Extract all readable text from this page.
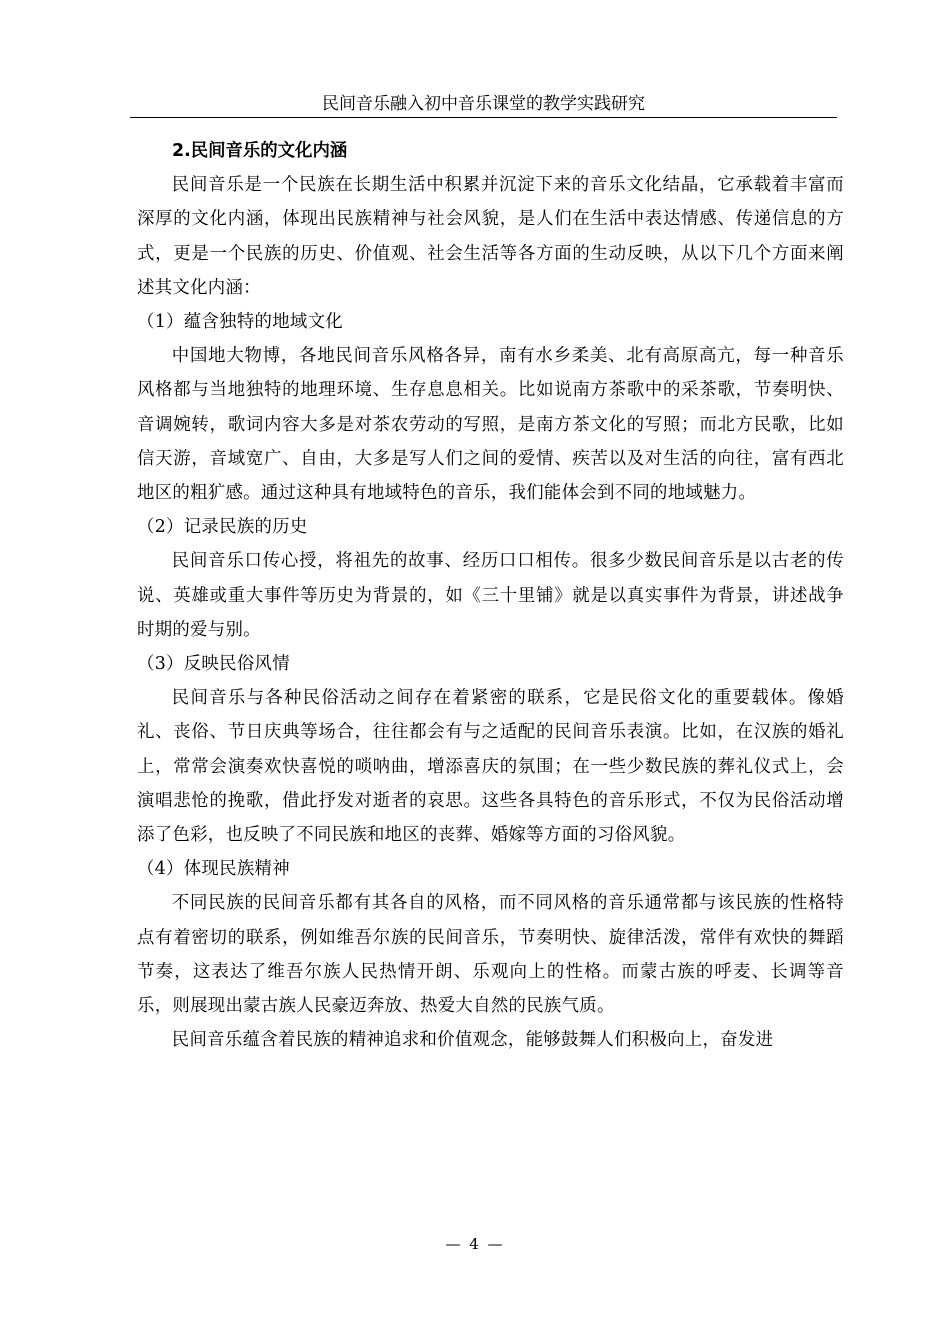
民间音乐融入初中音乐课堂的教学实践研究
2.民间音乐的文化内涵

民间音乐是一个民族在长期生活中积累并沉淀下来的音乐文化结晶，它承载着丰富而深厚的文化内涵，体现出民族精神与社会风貌，是人们在生活中表达情感、传递信息的方式，更是一个民族的历史、价值观、社会生活等各方面的生动反映，从以下几个方面来阐述其文化内涵：

（1）蕴含独特的地域文化

中国地大物博，各地民间音乐风格各异，南有水乡柔美、北有高原高亢，每一种音乐风格都与当地独特的地理环境、生存息息相关。比如说南方茶歌中的采茶歌，节奏明快、音调婉转，歌词内容大多是对茶农劳动的写照，是南方茶文化的写照；而北方民歌，比如信天游，音域宽广、自由，大多是写人们之间的爱情、疾苦以及对生活的向往，富有西北地区的粗犷感。通过这种具有地域特色的音乐，我们能体会到不同的地域魅力。

（2）记录民族的历史

民间音乐口传心授，将祖先的故事、经历口口相传。很多少数民间音乐是以古老的传说、英雄或重大事件等历史为背景的，如《三十里铺》就是以真实事件为背景，讲述战争时期的爱与别。

（3）反映民俗风情

民间音乐与各种民俗活动之间存在着紧密的联系，它是民俗文化的重要载体。像婚礼、丧俗、节日庆典等场合，往往都会有与之适配的民间音乐表演。比如，在汉族的婚礼上，常常会演奏欢快喜悦的唢呐曲，增添喜庆的氛围；在一些少数民族的葬礼仪式上，会演唱悲怆的挽歌，借此抒发对逝者的哀思。这些各具特色的音乐形式，不仅为民俗活动增添了色彩，也反映了不同民族和地区的丧葬、婚嫁等方面的习俗风貌。

（4）体现民族精神

不同民族的民间音乐都有其各自的风格，而不同风格的音乐通常都与该民族的性格特点有着密切的联系，例如维吾尔族的民间音乐，节奏明快、旋律活泼，常伴有欢快的舞蹈节奏，这表达了维吾尔族人民热情开朗、乐观向上的性格。而蒙古族的呼麦、长调等音乐，则展现出蒙古族人民豪迈奔放、热爱大自然的民族气质。

民间音乐蕴含着民族的精神追求和价值观念，能够鼓舞人们积极向上，奋发进

— 4 —
